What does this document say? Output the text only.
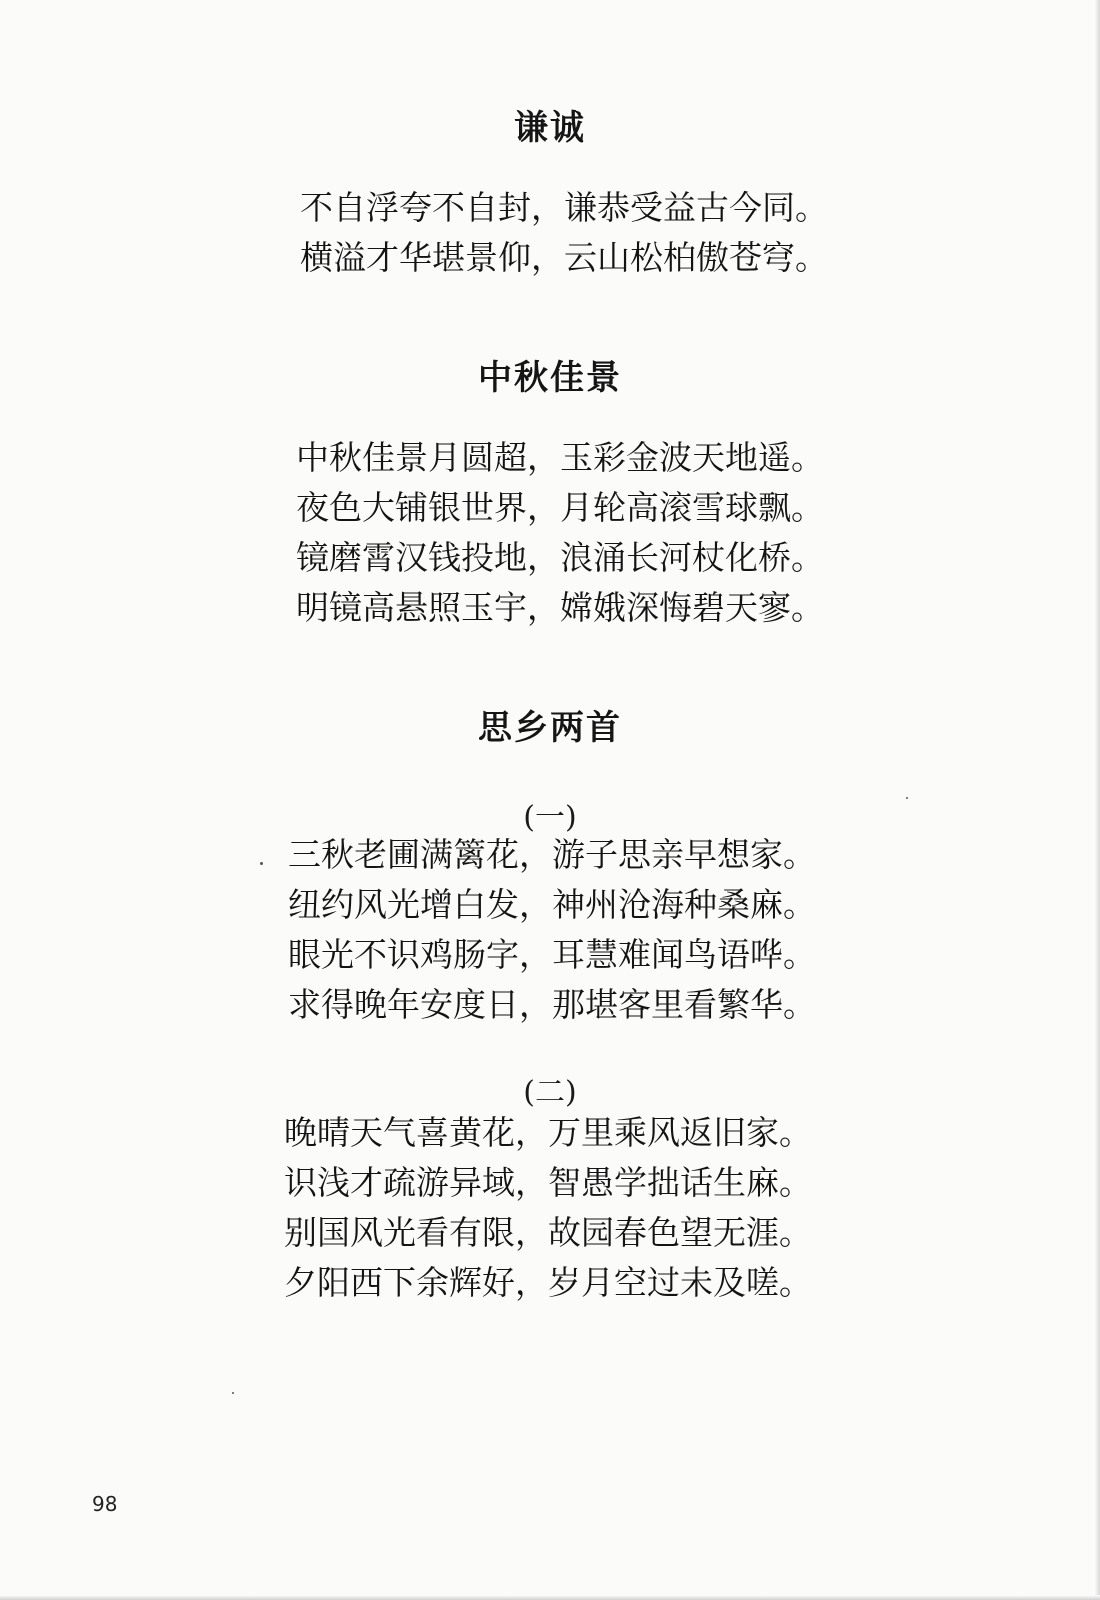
谦诚
不自浮夸不自封，谦恭受益古今同。
横溢才华堪景仰，云山松柏傲苍穹。
中秋佳景
中秋佳景月圆超，玉彩金波天地遥。
夜色大铺银世界，月轮高滚雪球飘。
镜磨霄汉钱投地，浪涌长河杖化桥。
明镜高悬照玉宇，嫦娥深悔碧天寥。
思乡两首
(一)
三秋老圃满篱花，游子思亲早想家。
纽约风光增白发，神州沧海种桑麻。
眼光不识鸡肠字，耳慧难闻鸟语哗。
求得晚年安度日，那堪客里看繁华。
(二)
晚晴天气喜黄花，万里乘风返旧家。
识浅才疏游异域，智愚学拙话生麻。
别国风光看有限，故园春色望无涯。
夕阳西下余辉好，岁月空过未及嗟。
98
